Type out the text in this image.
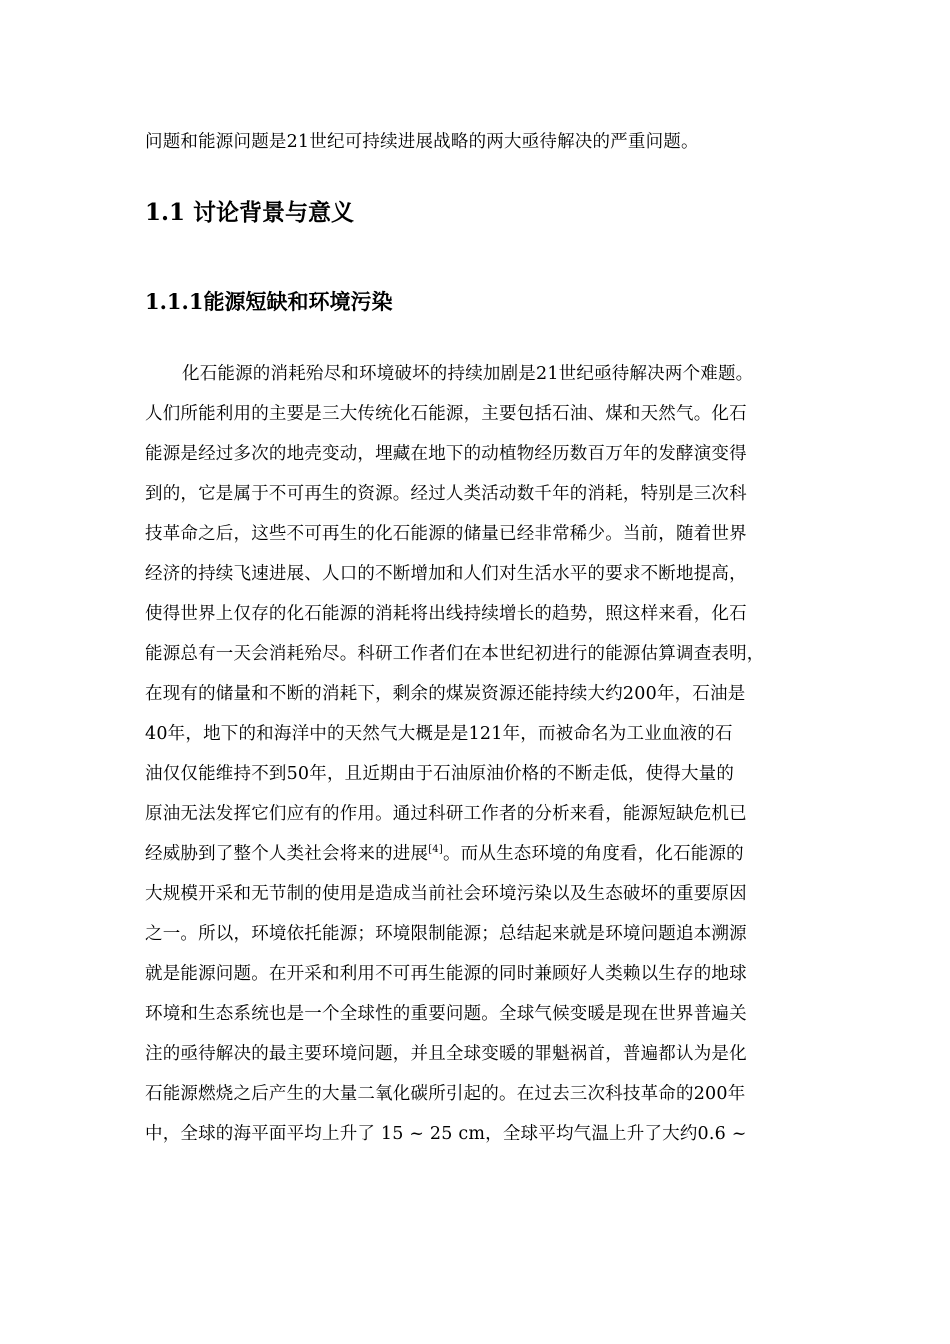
问题和能源问题是21世纪可持续进展战略的两大亟待解决的严重问题。
1.1 讨论背景与意义
1.1.1能源短缺和环境污染
化石能源的消耗殆尽和环境破坏的持续加剧是21世纪亟待解决两个难题。
人们所能利用的主要是三大传统化石能源，主要包括石油、煤和天然气。化石
能源是经过多次的地壳变动，埋藏在地下的动植物经历数百万年的发酵演变得
到的，它是属于不可再生的资源。经过人类活动数千年的消耗，特别是三次科
技革命之后，这些不可再生的化石能源的储量已经非常稀少。当前，随着世界
经济的持续飞速进展、人口的不断增加和人们对生活水平的要求不断地提高，
使得世界上仅存的化石能源的消耗将出线持续增长的趋势，照这样来看，化石
能源总有一天会消耗殆尽。科研工作者们在本世纪初进行的能源估算调查表明，
在现有的储量和不断的消耗下，剩余的煤炭资源还能持续大约200年，石油是
40年，地下的和海洋中的天然气大概是是121年，而被命名为工业血液的石
油仅仅能维持不到50年，且近期由于石油原油价格的不断走低，使得大量的
原油无法发挥它们应有的作用。通过科研工作者的分析来看，能源短缺危机已
经威胁到了整个人类社会将来的进展[4]。而从生态环境的角度看，化石能源的
大规模开采和无节制的使用是造成当前社会环境污染以及生态破坏的重要原因
之一。所以，环境依托能源；环境限制能源；总结起来就是环境问题追本溯源
就是能源问题。在开采和利用不可再生能源的同时兼顾好人类赖以生存的地球
环境和生态系统也是一个全球性的重要问题。全球气候变暖是现在世界普遍关
注的亟待解决的最主要环境问题，并且全球变暖的罪魁祸首，普遍都认为是化
石能源燃烧之后产生的大量二氧化碳所引起的。在过去三次科技革命的200年
中，全球的海平面平均上升了 15 ~ 25 cm，全球平均气温上升了大约0.6 ~
